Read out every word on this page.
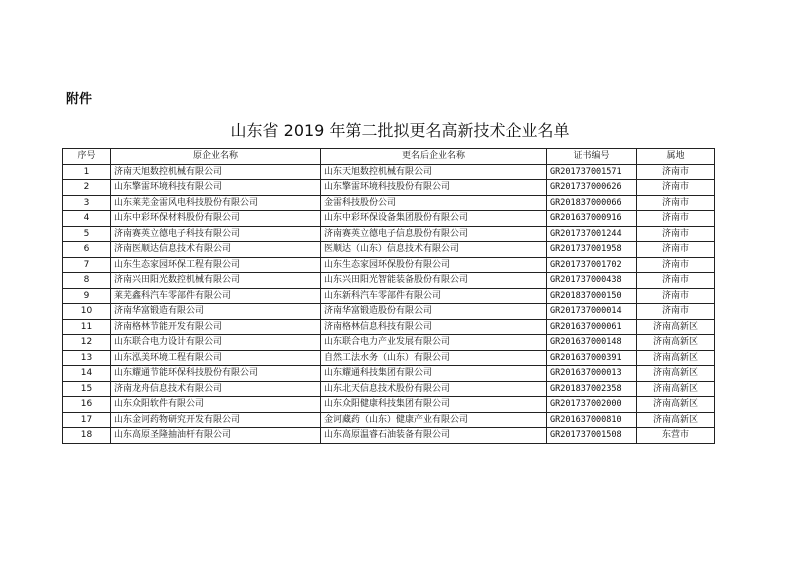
附件
山东省 2019 年第二批拟更名高新技术企业名单
序号	原企业名称	更名后企业名称	证书编号	属地
1	济南天旭数控机械有限公司	山东天旭数控机械有限公司	GR201737001571	济南市
2	山东擎雷环境科技有限公司	山东擎雷环境科技股份有限公司	GR201737000626	济南市
3	山东莱芜金雷风电科技股份有限公司	金雷科技股份公司	GR201837000066	济南市
4	山东中彩环保材料股份有限公司	山东中彩环保设备集团股份有限公司	GR201637000916	济南市
5	济南赛英立德电子科技有限公司	济南赛英立德电子信息股份有限公司	GR201737001244	济南市
6	济南医顺达信息技术有限公司	医顺达（山东）信息技术有限公司	GR201737001958	济南市
7	山东生态家园环保工程有限公司	山东生态家园环保股份有限公司	GR201737001702	济南市
8	济南兴田阳光数控机械有限公司	山东兴田阳光智能装备股份有限公司	GR201737000438	济南市
9	莱芜鑫科汽车零部件有限公司	山东新科汽车零部件有限公司	GR201837000150	济南市
10	济南华富锻造有限公司	济南华富锻造股份有限公司	GR201737000014	济南市
11	济南格林节能开发有限公司	济南格林信息科技有限公司	GR201637000061	济南高新区
12	山东联合电力设计有限公司	山东联合电力产业发展有限公司	GR201637000148	济南高新区
13	山东泓美环境工程有限公司	自然工法水务（山东）有限公司	GR201637000391	济南高新区
14	山东耀通节能环保科技股份有限公司	山东耀通科技集团有限公司	GR201637000013	济南高新区
15	济南龙舟信息技术有限公司	山东北天信息技术股份有限公司	GR201837002358	济南高新区
16	山东众阳软件有限公司	山东众阳健康科技集团有限公司	GR201737002000	济南高新区
17	山东金诃药物研究开发有限公司	金诃藏药（山东）健康产业有限公司	GR201637000810	济南高新区
18	山东高原圣隆抽油杆有限公司	山东高原温睿石油装备有限公司	GR201737001508	东营市
